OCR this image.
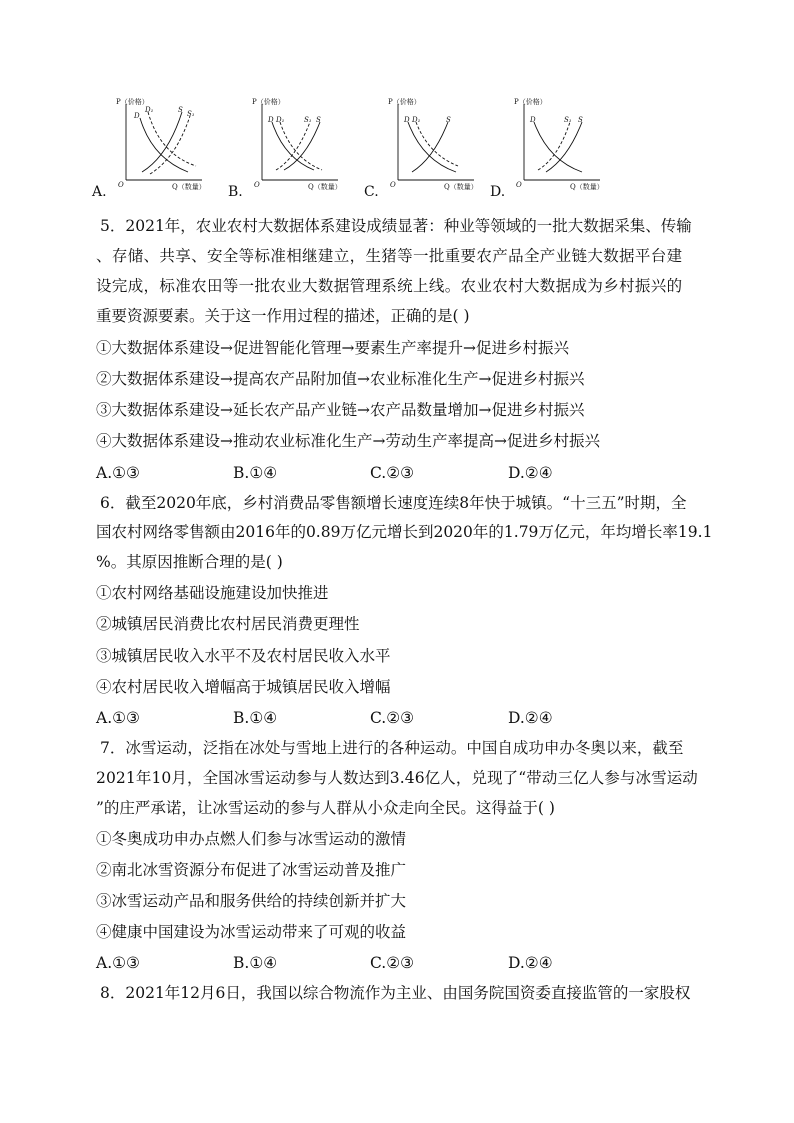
P（价格）
O	Q（数量）
D
D₁	S S₁
A.
P（价格）
O	Q（数量）
D D₁	S₁ S
B.
P（价格）
O	Q（数量）
D D₁	S
C.
P（价格）
O	Q（数量）
D	S₁ S
D.
5．2021年，农业农村大数据体系建设成绩显著：种业等领域的一批大数据采集、传输
、存储、共享、安全等标准相继建立，生猪等一批重要农产品全产业链大数据平台建
设完成，标准农田等一批农业大数据管理系统上线。农业农村大数据成为乡村振兴的
重要资源要素。关于这一作用过程的描述，正确的是( )
①大数据体系建设→促进智能化管理→要素生产率提升→促进乡村振兴
②大数据体系建设→提高农产品附加值→农业标准化生产→促进乡村振兴
③大数据体系建设→延长农产品产业链→农产品数量增加→促进乡村振兴
④大数据体系建设→推动农业标准化生产→劳动生产率提高→促进乡村振兴
A.①③	B.①④	C.②③	D.②④
6．截至2020年底，乡村消费品零售额增长速度连续8年快于城镇。“十三五”时期，全
国农村网络零售额由2016年的0.89万亿元增长到2020年的1.79万亿元，年均增长率19.1
%。其原因推断合理的是( )
①农村网络基础设施建设加快推进
②城镇居民消费比农村居民消费更理性
③城镇居民收入水平不及农村居民收入水平
④农村居民收入增幅高于城镇居民收入增幅
A.①③	B.①④	C.②③	D.②④
7．冰雪运动，泛指在冰处与雪地上进行的各种运动。中国自成功申办冬奥以来，截至
2021年10月，全国冰雪运动参与人数达到3.46亿人，兑现了“带动三亿人参与冰雪运动
”的庄严承诺，让冰雪运动的参与人群从小众走向全民。这得益于( )
①冬奥成功申办点燃人们参与冰雪运动的激情
②南北冰雪资源分布促进了冰雪运动普及推广
③冰雪运动产品和服务供给的持续创新并扩大
④健康中国建设为冰雪运动带来了可观的收益
A.①③	B.①④	C.②③	D.②④
8．2021年12月6日，我国以综合物流作为主业、由国务院国资委直接监管的一家股权
